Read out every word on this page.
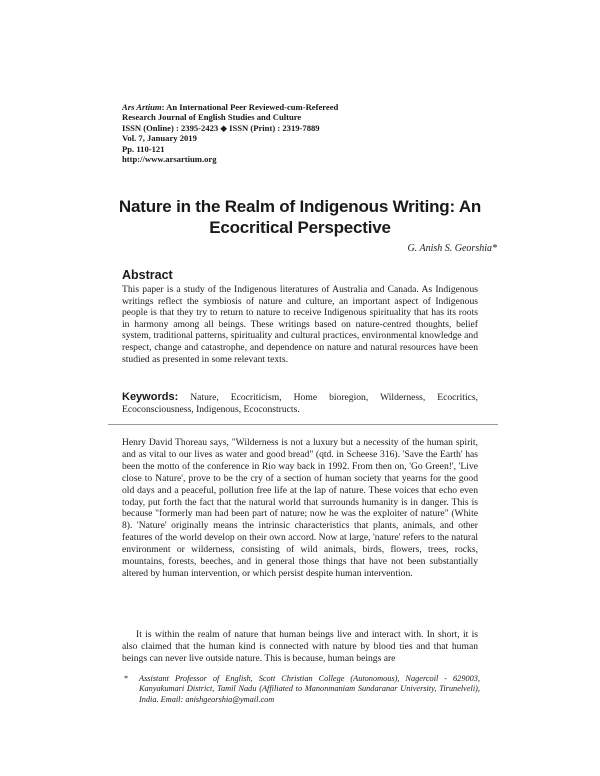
Ars Artium: An International Peer Reviewed-cum-Refereed
Research Journal of English Studies and Culture
ISSN (Online) : 2395-2423 ◆ ISSN (Print) : 2319-7889
Vol. 7, January 2019
Pp. 110-121
http://www.arsartium.org
Nature in the Realm of Indigenous Writing: An
Ecocritical Perspective
G. Anish S. Georshia*
Abstract
This paper is a study of the Indigenous literatures of Australia and Canada. As Indigenous writings reflect the symbiosis of nature and culture, an important aspect of Indigenous people is that they try to return to nature to receive Indigenous spirituality that has its roots in harmony among all beings. These writings based on nature-centred thoughts, belief system, traditional patterns, spirituality and cultural practices, environmental knowledge and respect, change and catastrophe, and dependence on nature and natural resources have been studied as presented in some relevant texts.
Keywords: Nature, Ecocriticism, Home bioregion, Wilderness, Ecocritics, Ecoconsciousness, Indigenous, Ecoconstructs.
Henry David Thoreau says, "Wilderness is not a luxury but a necessity of the human spirit, and as vital to our lives as water and good bread" (qtd. in Scheese 316). 'Save the Earth' has been the motto of the conference in Rio way back in 1992. From then on, 'Go Green!', 'Live close to Nature', prove to be the cry of a section of human society that yearns for the good old days and a peaceful, pollution free life at the lap of nature. These voices that echo even today, put forth the fact that the natural world that surrounds humanity is in danger. This is because "formerly man had been part of nature; now he was the exploiter of nature" (White 8). 'Nature' originally means the intrinsic characteristics that plants, animals, and other features of the world develop on their own accord. Now at large, 'nature' refers to the natural environment or wilderness, consisting of wild animals, birds, flowers, trees, rocks, mountains, forests, beeches, and in general those things that have not been substantially altered by human intervention, or which persist despite human intervention.
It is within the realm of nature that human beings live and interact with. In short, it is also claimed that the human kind is connected with nature by blood ties and that human beings can never live outside nature. This is because, human beings are
* Assistant Professor of English, Scott Christian College (Autonomous), Nagercoil - 629003, Kanyakumari District, Tamil Nadu (Affiliated to Manonmaniam Sundaranar University, Tirunelveli), India. Email: anishgeorshia@ymail.com
